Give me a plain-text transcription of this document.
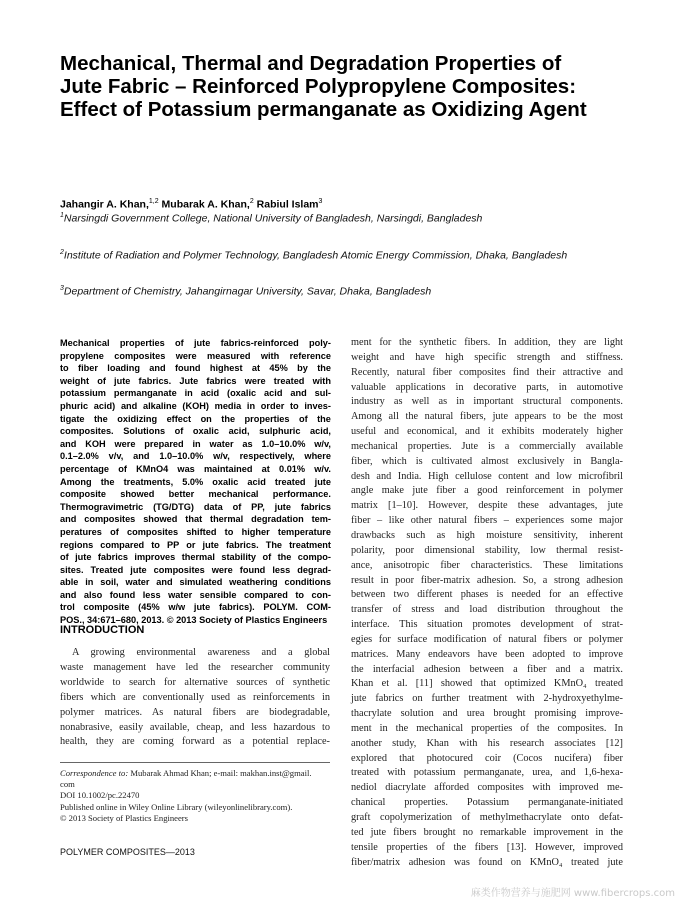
Mechanical, Thermal and Degradation Properties of
Jute Fabric – Reinforced Polypropylene Composites:
Effect of Potassium permanganate as Oxidizing Agent
Jahangir A. Khan,$^{1,2}$ Mubarak A. Khan,$^2$ Rabiul Islam$^3$
$^1$Narsingdi Government College, National University of Bangladesh, Narsingdi, Bangladesh
$^2$Institute of Radiation and Polymer Technology, Bangladesh Atomic Energy Commission, Dhaka, Bangladesh
$^3$Department of Chemistry, Jahangirnagar University, Savar, Dhaka, Bangladesh
Mechanical properties of jute fabrics-reinforced poly-
propylene composites were measured with reference
to fiber loading and found highest at 45% by the
weight of jute fabrics. Jute fabrics were treated with
potassium permanganate in acid (oxalic acid and sul-
phuric acid) and alkaline (KOH) media in order to inves-
tigate the oxidizing effect on the properties of the
composites. Solutions of oxalic acid, sulphuric acid,
and KOH were prepared in water as 1.0–10.0% w/v,
0.1–2.0% v/v, and 1.0–10.0% w/v, respectively, where
percentage of KMnO4 was maintained at 0.01% w/v.
Among the treatments, 5.0% oxalic acid treated jute
composite showed better mechanical performance.
Thermogravimetric (TG/DTG) data of PP, jute fabrics
and composites showed that thermal degradation tem-
peratures of composites shifted to higher temperature
regions compared to PP or jute fabrics. The treatment
of jute fabrics improves thermal stability of the compo-
sites. Treated jute composites were found less degrad-
able in soil, water and simulated weathering conditions
and also found less water sensible compared to con-
trol composite (45% w/w jute fabrics). POLYM. COM-
POS., 34:671–680, 2013. © 2013 Society of Plastics Engineers
INTRODUCTION
A growing environmental awareness and a global
waste management have led the researcher community
worldwide to search for alternative sources of synthetic
fibers which are conventionally used as reinforcements in
polymer matrices. As natural fibers are biodegradable,
nonabrasive, easily available, cheap, and less hazardous to
health, they are coming forward as a potential replace-
ment for the synthetic fibers. In addition, they are light
weight and have high specific strength and stiffness.
Recently, natural fiber composites find their attractive and
valuable applications in decorative parts, in automotive
industry as well as in important structural components.
Among all the natural fibers, jute appears to be the most
useful and economical, and it exhibits moderately higher
mechanical properties. Jute is a commercially available
fiber, which is cultivated almost exclusively in Bangla-
desh and India. High cellulose content and low microfibril
angle make jute fiber a good reinforcement in polymer
matrix [1–10]. However, despite these advantages, jute
fiber – like other natural fibers – experiences some major
drawbacks such as high moisture sensitivity, inherent
polarity, poor dimensional stability, low thermal resist-
ance, anisotropic fiber characteristics. These limitations
result in poor fiber-matrix adhesion. So, a strong adhesion
between two different phases is needed for an effective
transfer of stress and load distribution throughout the
interface. This situation promotes development of strat-
egies for surface modification of natural fibers or polymer
matrices. Many endeavors have been adopted to improve
the interfacial adhesion between a fiber and a matrix.
Khan et al. [11] showed that optimized KMnO₄ treated
jute fabrics on further treatment with 2-hydroxyethylme-
thacrylate solution and urea brought promising improve-
ment in the mechanical properties of the composites. In
another study, Khan with his research associates [12]
explored that photocured coir (Cocos nucifera) fiber
treated with potassium permanganate, urea, and 1,6-hexa-
nediol diacrylate afforded composites with improved me-
chanical properties. Potassium permanganate-initiated
graft copolymerization of methylmethacrylate onto defat-
ted jute fibers brought no remarkable improvement in the
tensile properties of the fibers [13]. However, improved
fiber/matrix adhesion was found on KMnO₄ treated jute
Correspondence to: Mubarak Ahmad Khan; e-mail: makhan.inst@gmail.
com
DOI 10.1002/pc.22470
Published online in Wiley Online Library (wileyonlinelibrary.com).
© 2013 Society of Plastics Engineers
POLYMER COMPOSITES—2013
麻类作物营养与施肥网 www.fibercrops.com
